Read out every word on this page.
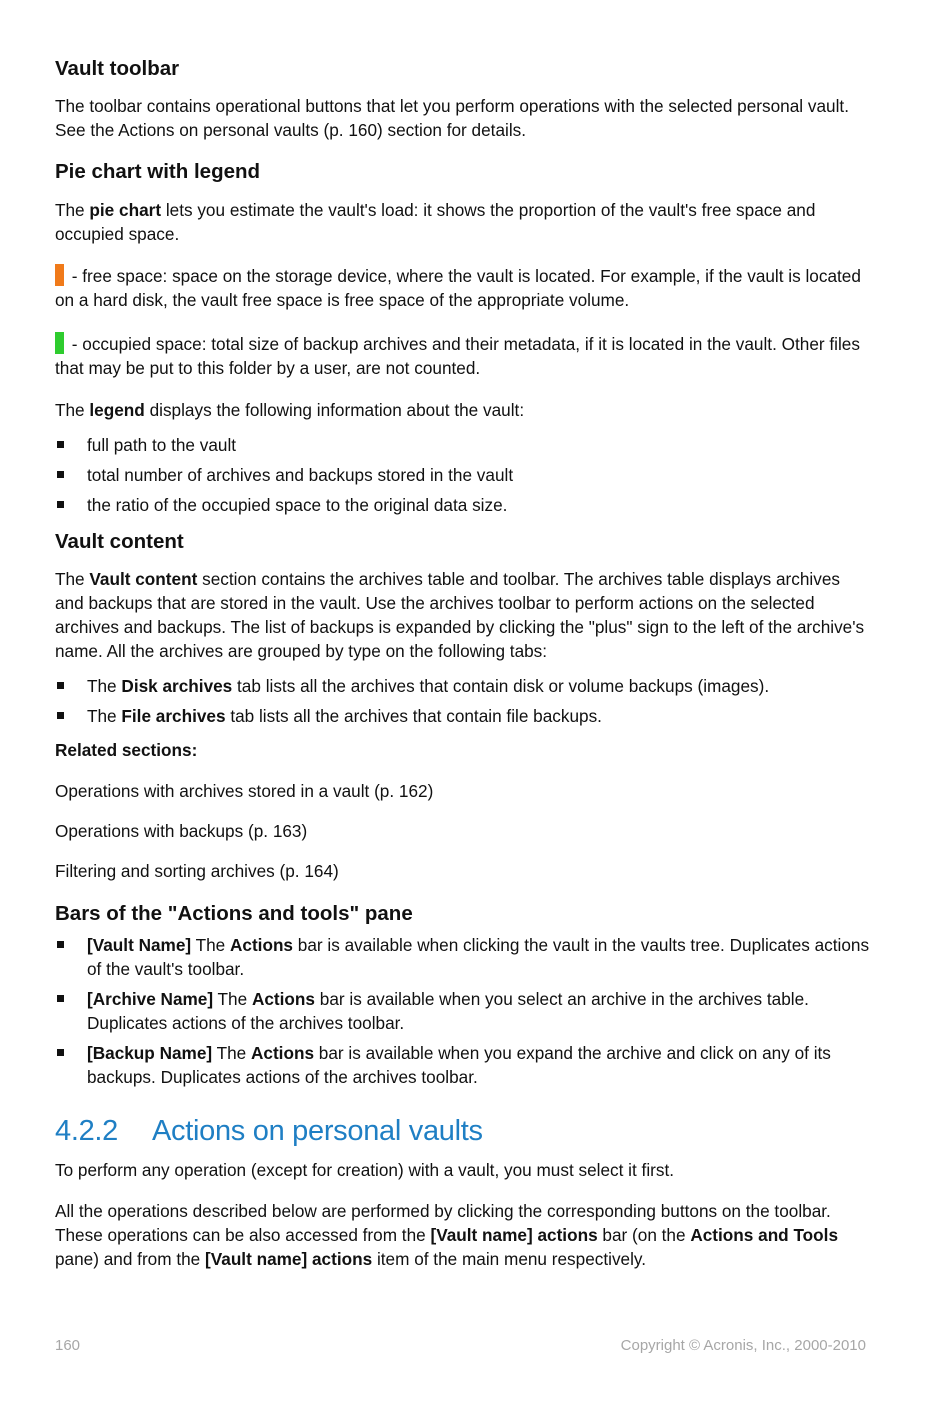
Vault toolbar

The toolbar contains operational buttons that let you perform operations with the selected personal vault. See the Actions on personal vaults (p. 160) section for details.

Pie chart with legend

The pie chart lets you estimate the vault's load: it shows the proportion of the vault's free space and occupied space.

- free space: space on the storage device, where the vault is located. For example, if the vault is located on a hard disk, the vault free space is free space of the appropriate volume.

- occupied space: total size of backup archives and their metadata, if it is located in the vault. Other files that may be put to this folder by a user, are not counted.

The legend displays the following information about the vault:

full path to the vault
total number of archives and backups stored in the vault
the ratio of the occupied space to the original data size.
Vault content

The Vault content section contains the archives table and toolbar. The archives table displays archives and backups that are stored in the vault. Use the archives toolbar to perform actions on the selected archives and backups. The list of backups is expanded by clicking the "plus" sign to the left of the archive's name. All the archives are grouped by type on the following tabs:

The Disk archives tab lists all the archives that contain disk or volume backups (images).
The File archives tab lists all the archives that contain file backups.

Related sections:

Operations with archives stored in a vault (p. 162)

Operations with backups (p. 163)

Filtering and sorting archives (p. 164)

Bars of the "Actions and tools" pane
[Vault Name] The Actions bar is available when clicking the vault in the vaults tree. Duplicates actions of the vault's toolbar.
[Archive Name] The Actions bar is available when you select an archive in the archives table. Duplicates actions of the archives toolbar.
[Backup Name] The Actions bar is available when you expand the archive and click on any of its backups. Duplicates actions of the archives toolbar.
4.2.2 Actions on personal vaults

To perform any operation (except for creation) with a vault, you must select it first.

All the operations described below are performed by clicking the corresponding buttons on the toolbar. These operations can be also accessed from the [Vault name] actions bar (on the Actions and Tools pane) and from the [Vault name] actions item of the main menu respectively.

160	Copyright © Acronis, Inc., 2000-2010
